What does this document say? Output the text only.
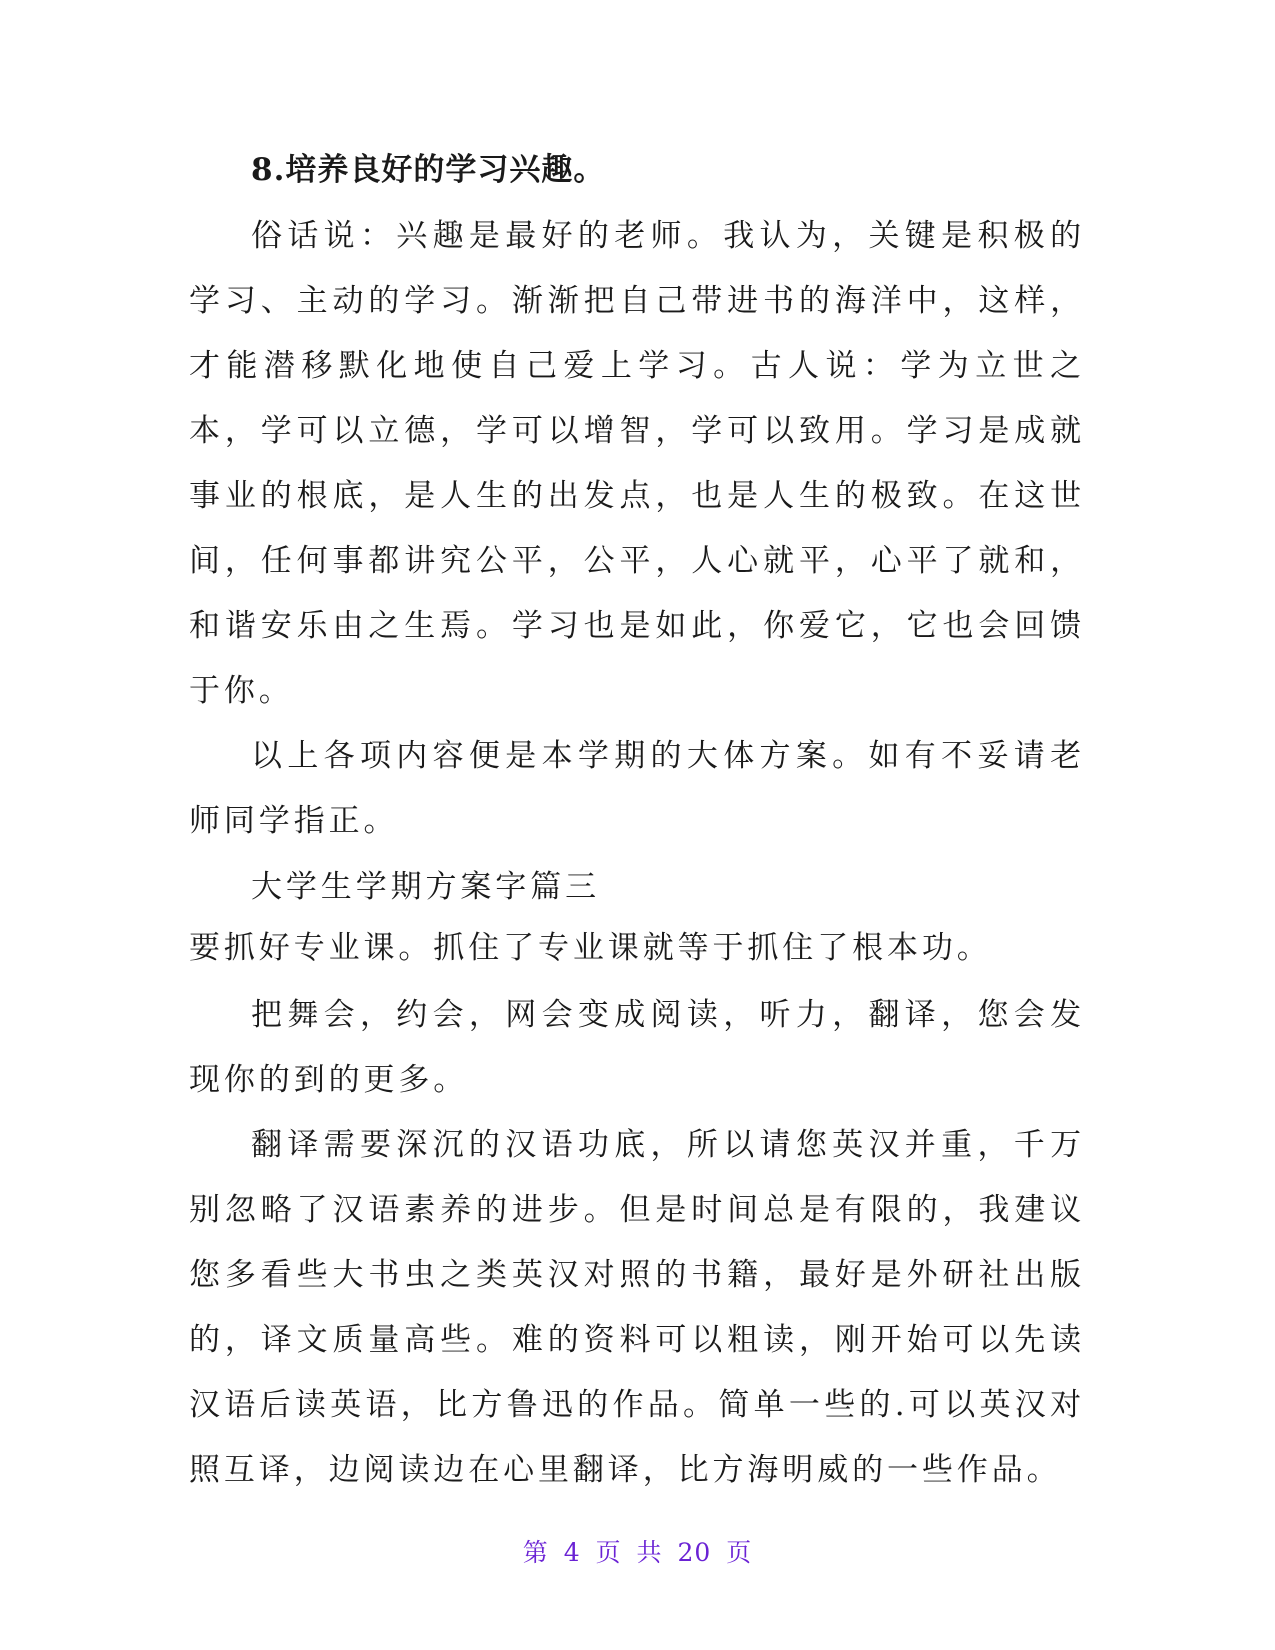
8.培养良好的学习兴趣。

俗话说：兴趣是最好的老师。我认为，关键是积极的学习、主动的学习。渐渐把自己带进书的海洋中，这样，才能潜移默化地使自己爱上学习。古人说：学为立世之本，学可以立德，学可以增智，学可以致用。学习是成就事业的根底，是人生的出发点，也是人生的极致。在这世间，任何事都讲究公平，公平，人心就平，心平了就和，和谐安乐由之生焉。学习也是如此，你爱它，它也会回馈于你。

以上各项内容便是本学期的大体方案。如有不妥请老师同学指正。

大学生学期方案字篇三
要抓好专业课。抓住了专业课就等于抓住了根本功。

把舞会，约会，网会变成阅读，听力，翻译，您会发现你的到的更多。

翻译需要深沉的汉语功底，所以请您英汉并重，千万别忽略了汉语素养的进步。但是时间总是有限的，我建议您多看些大书虫之类英汉对照的书籍，最好是外研社出版的，译文质量高些。难的资料可以粗读，刚开始可以先读汉语后读英语，比方鲁迅的作品。简单一些的.可以英汉对照互译，边阅读边在心里翻译，比方海明威的一些作品。

第 4 页 共 20 页
